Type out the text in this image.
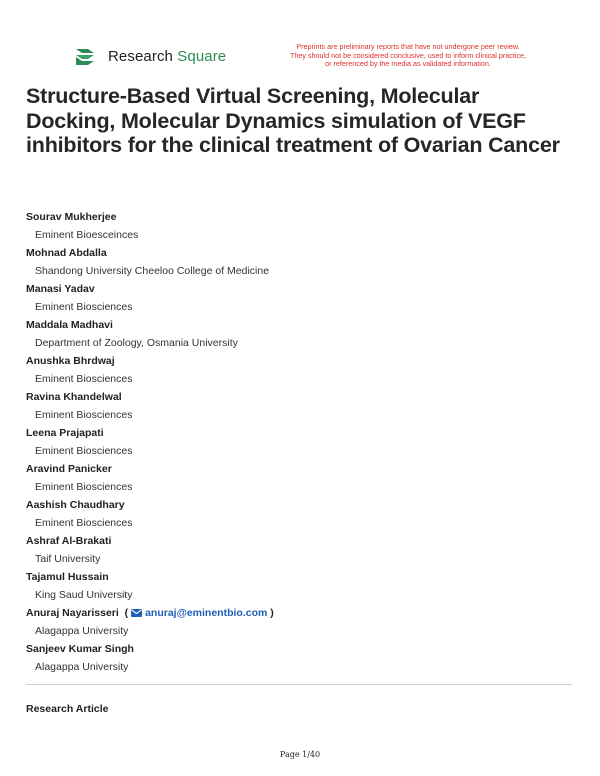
Research Square
Preprints are preliminary reports that have not undergone peer review.
They should not be considered conclusive, used to inform clinical practice,
or referenced by the media as validated information.
Structure-Based Virtual Screening, Molecular Docking, Molecular Dynamics simulation of VEGF inhibitors for the clinical treatment of Ovarian Cancer
Sourav Mukherjee
Eminent Bioesceinces
Mohnad Abdalla
Shandong University Cheeloo College of Medicine
Manasi Yadav
Eminent Biosciences
Maddala Madhavi
Department of Zoology, Osmania University
Anushka Bhrdwaj
Eminent Biosciences
Ravina Khandelwal
Eminent Biosciences
Leena Prajapati
Eminent Biosciences
Aravind Panicker
Eminent Biosciences
Aashish Chaudhary
Eminent Biosciences
Ashraf Al-Brakati
Taif University
Tajamul Hussain
King Saud University
Anuraj Nayarisseri ( anuraj@eminentbio.com )
Alagappa University
Sanjeev Kumar Singh
Alagappa University
Research Article
Page 1/40
